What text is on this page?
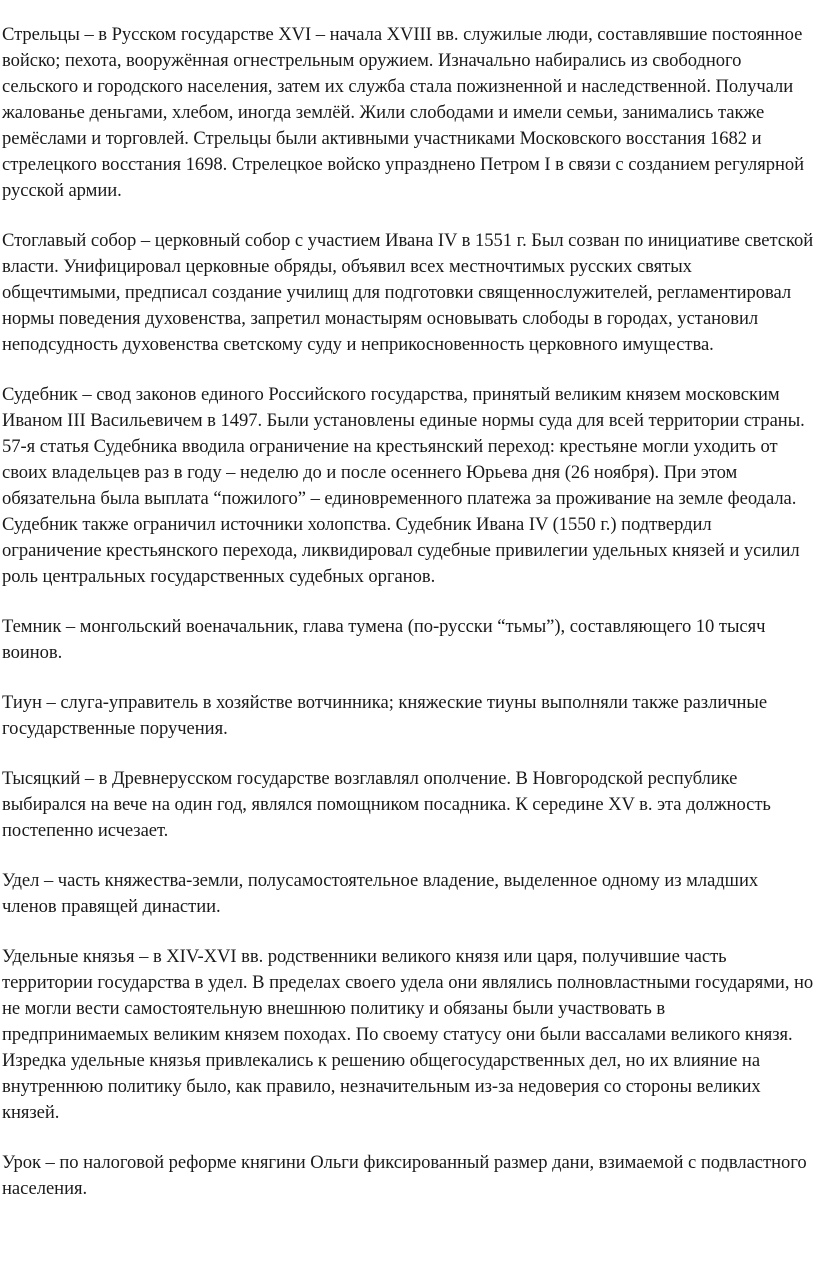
Стрельцы – в Русском государстве XVI – начала XVIII вв. служилые люди, составлявшие постоянное войско; пехота, вооружённая огнестрельным оружием. Изначально набирались из свободного сельского и городского населения, затем их служба стала пожизненной и наследственной. Получали жалованье деньгами, хлебом, иногда землёй. Жили слободами и имели семьи, занимались также ремёслами и торговлей. Стрельцы были активными участниками Московского восстания 1682 и стрелецкого восстания 1698. Стрелецкое войско упразднено Петром I в связи с созданием регулярной русской армии.

Стоглавый собор – церковный собор с участием Ивана IV в 1551 г. Был созван по инициативе светской власти. Унифицировал церковные обряды, объявил всех местночтимых русских святых общечтимыми, предписал создание училищ для подготовки священнослужителей, регламентировал нормы поведения духовенства, запретил монастырям основывать слободы в городах, установил неподсудность духовенства светскому суду и неприкосновенность церковного имущества.

Судебник – свод законов единого Российского государства, принятый великим князем московским Иваном III Васильевичем в 1497. Были установлены единые нормы суда для всей территории страны. 57-я статья Судебника вводила ограничение на крестьянский переход: крестьяне могли уходить от своих владельцев раз в году – неделю до и после осеннего Юрьева дня (26 ноября). При этом обязательна была выплата “пожилого” – единовременного платежа за проживание на земле феодала. Судебник также ограничил источники холопства. Судебник Ивана IV (1550 г.) подтвердил ограничение крестьянского перехода, ликвидировал судебные привилегии удельных князей и усилил роль центральных государственных судебных органов.

Темник – монгольский военачальник, глава тумена (по-русски “тьмы”), составляющего 10 тысяч воинов.

Тиун – слуга-управитель в хозяйстве вотчинника; княжеские тиуны выполняли также различные государственные поручения.

Тысяцкий – в Древнерусском государстве возглавлял ополчение. В Новгородской республике выбирался на вече на один год, являлся помощником посадника. К середине XV в. эта должность постепенно исчезает.

Удел – часть княжества-земли, полусамостоятельное владение, выделенное одному из младших членов правящей династии.

Удельные князья – в XIV-XVI вв. родственники великого князя или царя, получившие часть территории государства в удел. В пределах своего удела они являлись полновластными государями, но не могли вести самостоятельную внешнюю политику и обязаны были участвовать в предпринимаемых великим князем походах. По своему статусу они были вассалами великого князя. Изредка удельные князья привлекались к решению общегосударственных дел, но их влияние на внутреннюю политику было, как правило, незначительным из-за недоверия со стороны великих князей.

Урок – по налоговой реформе княгини Ольги фиксированный размер дани, взимаемой с подвластного населения.
